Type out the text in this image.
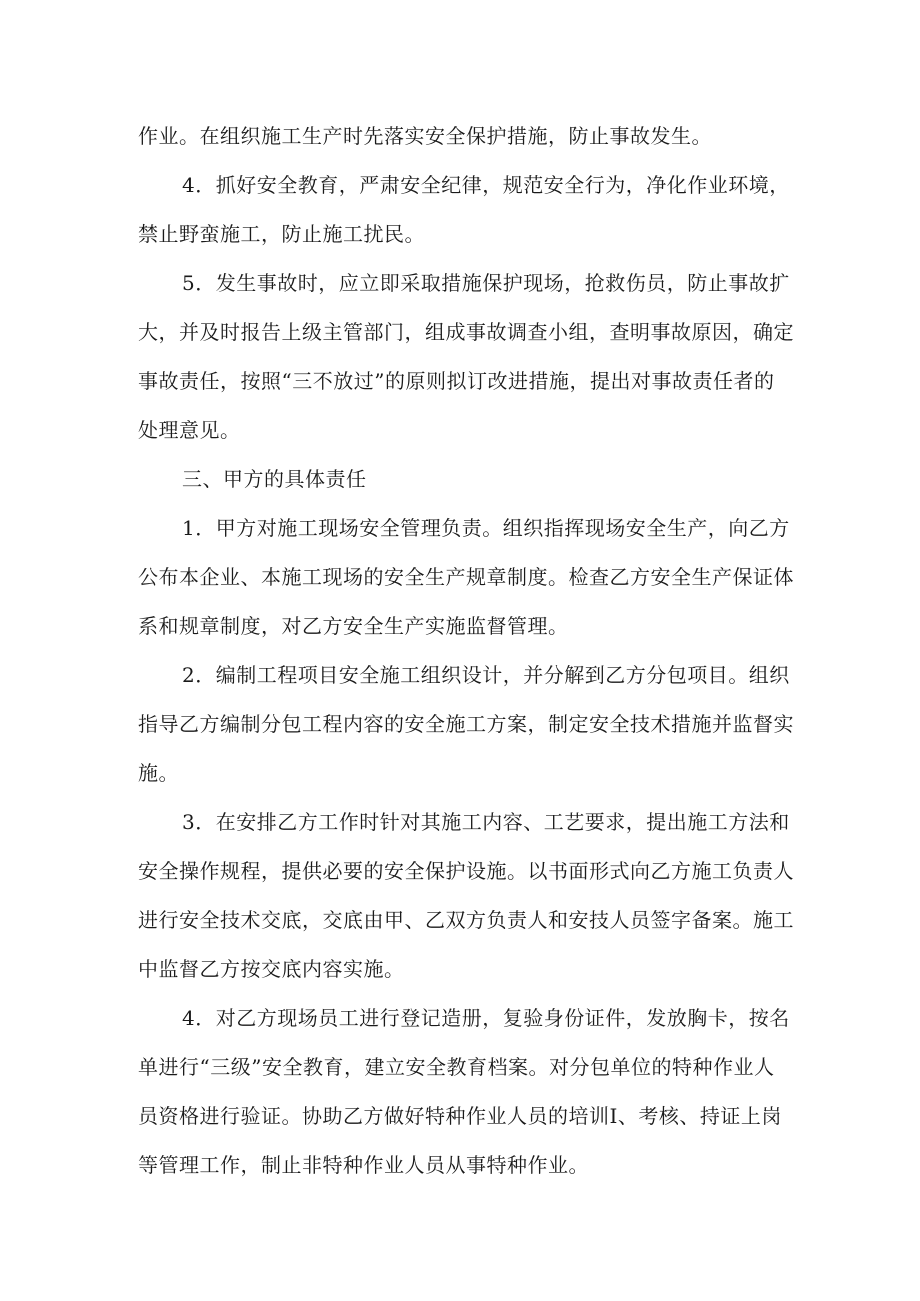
作业。在组织施工生产时先落实安全保护措施，防止事故发生。
4．抓好安全教育，严肃安全纪律，规范安全行为，净化作业环境，
禁止野蛮施工，防止施工扰民。
5．发生事故时，应立即采取措施保护现场，抢救伤员，防止事故扩
大，并及时报告上级主管部门，组成事故调查小组，查明事故原因，确定
事故责任，按照“三不放过”的原则拟订改进措施，提出对事故责任者的
处理意见。
三、甲方的具体责任
1．甲方对施工现场安全管理负责。组织指挥现场安全生产，向乙方
公布本企业、本施工现场的安全生产规章制度。检查乙方安全生产保证体
系和规章制度，对乙方安全生产实施监督管理。
2．编制工程项目安全施工组织设计，并分解到乙方分包项目。组织
指导乙方编制分包工程内容的安全施工方案，制定安全技术措施并监督实
施。
3．在安排乙方工作时针对其施工内容、工艺要求，提出施工方法和
安全操作规程，提供必要的安全保护设施。以书面形式向乙方施工负责人
进行安全技术交底，交底由甲、乙双方负责人和安技人员签字备案。施工
中监督乙方按交底内容实施。
4．对乙方现场员工进行登记造册，复验身份证件，发放胸卡，按名
单进行“三级”安全教育，建立安全教育档案。对分包单位的特种作业人
员资格进行验证。协助乙方做好特种作业人员的培训I、考核、持证上岗
等管理工作，制止非特种作业人员从事特种作业。
